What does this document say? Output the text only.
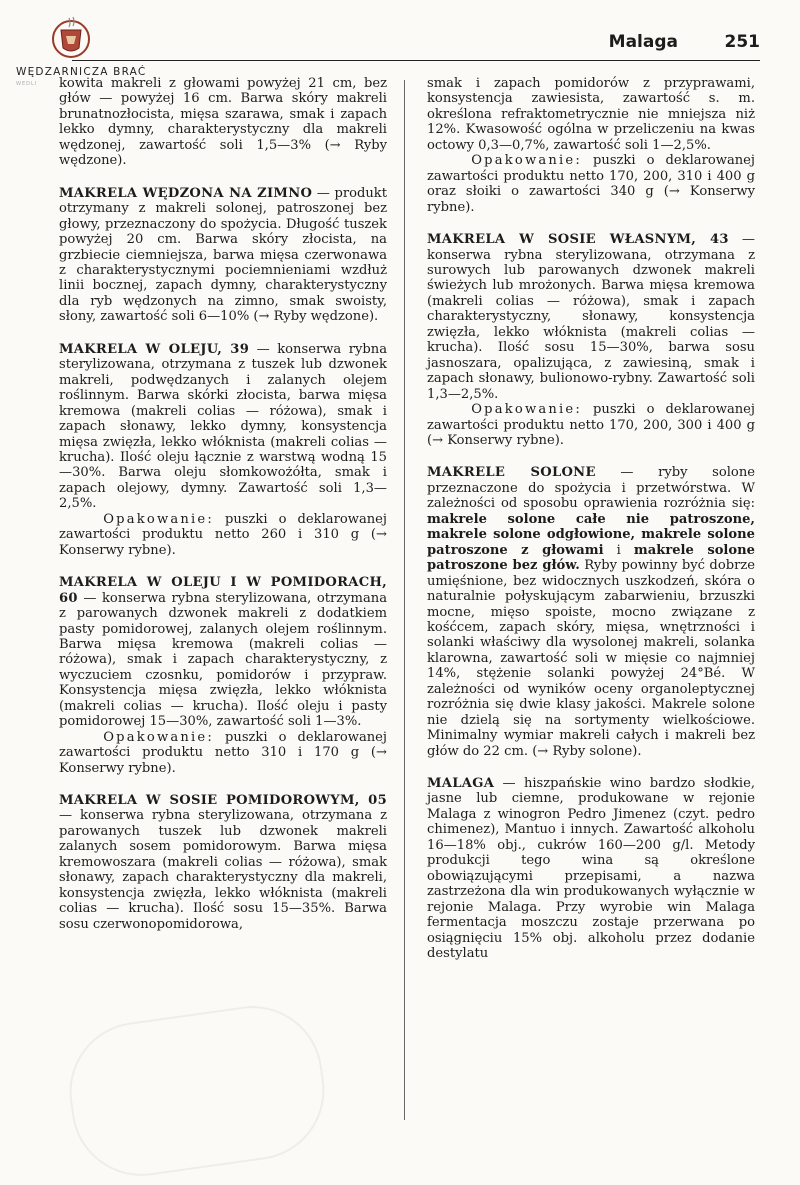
WĘDZARNICZA BRAĆ
WEDLI
Malaga	251

kowita makreli z głowami powyżej 21 cm, bez głów — powyżej 16 cm. Barwa skóry makreli brunatnozłocista, mięsa szarawa, smak i zapach lekko dymny, charakterystyczny dla makreli wędzonej, zawartość soli 1,5—3% (→ Ryby wędzone).

MAKRELA WĘDZONA NA ZIMNO — produkt otrzymany z makreli solonej, patroszonej bez głowy, przeznaczony do spożycia. Długość tuszek powyżej 20 cm. Barwa skóry złocista, na grzbiecie ciemniejsza, barwa mięsa czerwonawa z charakterystycznymi pociemnieniami wzdłuż linii bocznej, zapach dymny, charakterystyczny dla ryb wędzonych na zimno, smak swoisty, słony, zawartość soli 6—10% (→ Ryby wędzone).

MAKRELA W OLEJU, 39 — konserwa rybna sterylizowana, otrzymana z tuszek lub dzwonek makreli, podwędzanych i zalanych olejem roślinnym. Barwa skórki złocista, barwa mięsa kremowa (makreli colias — różowa), smak i zapach słonawy, lekko dymny, konsystencja mięsa zwięzła, lekko włóknista (makreli colias — krucha). Ilość oleju łącznie z warstwą wodną 15—30%. Barwa oleju słomkowożółta, smak i zapach olejowy, dymny. Zawartość soli 1,3—2,5%.
Opakowanie: puszki o deklarowanej zawartości produktu netto 260 i 310 g (→ Konserwy rybne).

MAKRELA W OLEJU I W POMIDORACH, 60 — konserwa rybna sterylizowana, otrzymana z parowanych dzwonek makreli z dodatkiem pasty pomidorowej, zalanych olejem roślinnym. Barwa mięsa kremowa (makreli colias — różowa), smak i zapach charakterystyczny, z wyczuciem czosnku, pomidorów i przypraw. Konsystencja mięsa zwięzła, lekko włóknista (makreli colias — krucha). Ilość oleju i pasty pomidorowej 15—30%, zawartość soli 1—3%.
Opakowanie: puszki o deklarowanej zawartości produktu netto 310 i 170 g (→ Konserwy rybne).

MAKRELA W SOSIE POMIDOROWYM, 05 — konserwa rybna sterylizowana, otrzymana z parowanych tuszek lub dzwonek makreli zalanych sosem pomidorowym. Barwa mięsa kremowoszara (makreli colias — różowa), smak słonawy, zapach charakterystyczny dla makreli, konsystencja zwięzła, lekko włóknista (makreli colias — krucha). Ilość sosu 15—35%. Barwa sosu czerwonopomidorowa,

smak i zapach pomidorów z przyprawami, konsystencja zawiesista, zawartość s. m. określona refraktometrycznie nie mniejsza niż 12%. Kwasowość ogólna w przeliczeniu na kwas octowy 0,3—0,7%, zawartość soli 1—2,5%.
Opakowanie: puszki o deklarowanej zawartości produktu netto 170, 200, 310 i 400 g oraz słoiki o zawartości 340 g (→ Konserwy rybne).

MAKRELA W SOSIE WŁASNYM, 43 — konserwa rybna sterylizowana, otrzymana z surowych lub parowanych dzwonek makreli świeżych lub mrożonych. Barwa mięsa kremowa (makreli colias — różowa), smak i zapach charakterystyczny, słonawy, konsystencja zwięzła, lekko włóknista (makreli colias — krucha). Ilość sosu 15—30%, barwa sosu jasnoszara, opalizująca, z zawiesiną, smak i zapach słonawy, bulionowo-rybny. Zawartość soli 1,3—2,5%.
Opakowanie: puszki o deklarowanej zawartości produktu netto 170, 200, 300 i 400 g (→ Konserwy rybne).

MAKRELE SOLONE — ryby solone przeznaczone do spożycia i przetwórstwa. W zależności od sposobu oprawienia rozróżnia się: makrele solone całe nie patroszone, makrele solone odgłowione, makrele solone patroszone z głowami i makrele solone patroszone bez głów. Ryby powinny być dobrze umięśnione, bez widocznych uszkodzeń, skóra o naturalnie połyskującym zabarwieniu, brzuszki mocne, mięso spoiste, mocno związane z kośćcem, zapach skóry, mięsa, wnętrzności i solanki właściwy dla wysolonej makreli, solanka klarowna, zawartość soli w mięsie co najmniej 14%, stężenie solanki powyżej 24°Bé. W zależności od wyników oceny organoleptycznej rozróżnia się dwie klasy jakości. Makrele solone nie dzielą się na sortymenty wielkościowe. Minimalny wymiar makreli całych i makreli bez głów do 22 cm. (→ Ryby solone).

MALAGA — hiszpańskie wino bardzo słodkie, jasne lub ciemne, produkowane w rejonie Malaga z winogron Pedro Jimenez (czyt. pedro chimenez), Mantuo i innych. Zawartość alkoholu 16—18% obj., cukrów 160—200 g/l. Metody produkcji tego wina są określone obowiązującymi przepisami, a nazwa zastrzeżona dla win produkowanych wyłącznie w rejonie Malaga. Przy wyrobie win Malaga fermentacja moszczu zostaje przerwana po osiągnięciu 15% obj. alkoholu przez dodanie destylatu
